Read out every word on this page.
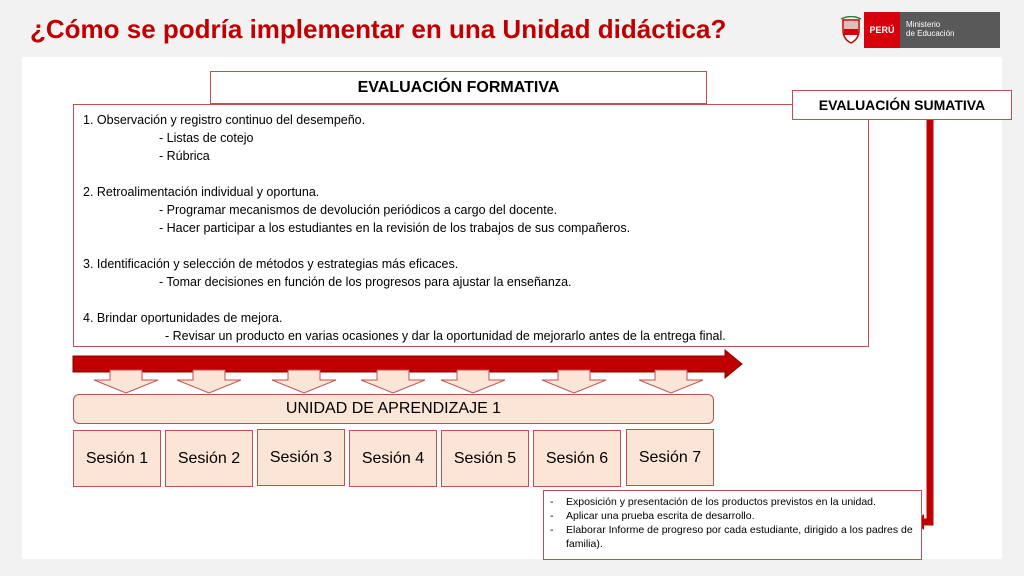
¿Cómo se podría implementar en una Unidad didáctica?	PERÚ
Ministerio
de Educación
EVALUACIÓN FORMATIVA
1. Observación y registro continuo del desempeño.
- Listas de cotejo
- Rúbrica
2. Retroalimentación individual y oportuna.
- Programar mecanismos de devolución periódicos a cargo del docente.
- Hacer participar a los estudiantes en la revisión de los trabajos de sus compañeros.
3. Identificación y selección de métodos y estrategias más eficaces.
- Tomar decisiones en función de los progresos para ajustar la enseñanza.
4. Brindar oportunidades de mejora.
- Revisar un producto en varias ocasiones y dar la oportunidad de mejorarlo antes de la entrega final.
EVALUACIÓN SUMATIVA
UNIDAD DE APRENDIZAJE 1
Sesión 1	Sesión 2	Sesión 3	Sesión 4	Sesión 5	Sesión 6	Sesión 7
-	Exposición y presentación de los productos previstos en la unidad.
-	Aplicar una prueba escrita de desarrollo.
-	Elaborar Informe de progreso por cada estudiante, dirigido a los padres de familia).
